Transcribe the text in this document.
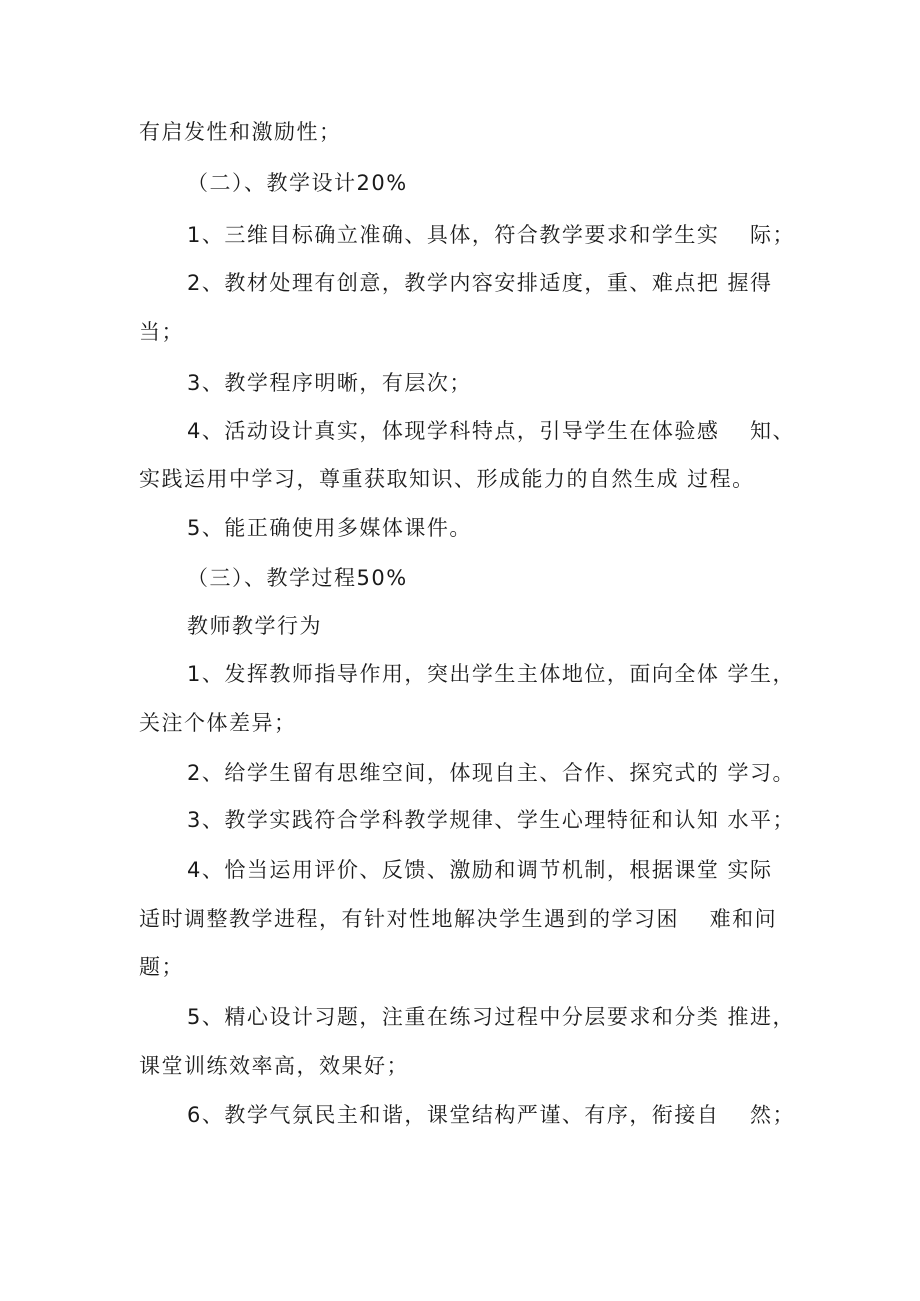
有启发性和激励性；
（二）、教学设计20%
1、三维目标确立准确、具体，符合教学要求和学生实　 际；
2、教材处理有创意，教学内容安排适度，重、难点把 握得
当；
3、教学程序明晰，有层次；
4、活动设计真实，体现学科特点，引导学生在体验感　 知、
实践运用中学习，尊重获取知识、形成能力的自然生成 过程。
5、能正确使用多媒体课件。
（三）、教学过程50%
教师教学行为
1、发挥教师指导作用，突出学生主体地位，面向全体 学生，
关注个体差异；
2、给学生留有思维空间，体现自主、合作、探究式的 学习。
3、教学实践符合学科教学规律、学生心理特征和认知 水平；
4、恰当运用评价、反馈、激励和调节机制，根据课堂 实际
适时调整教学进程，有针对性地解决学生遇到的学习困　 难和问
题；
5、精心设计习题，注重在练习过程中分层要求和分类 推进，
课堂训练效率高，效果好；
6、教学气氛民主和谐，课堂结构严谨、有序，衔接自　 然；
